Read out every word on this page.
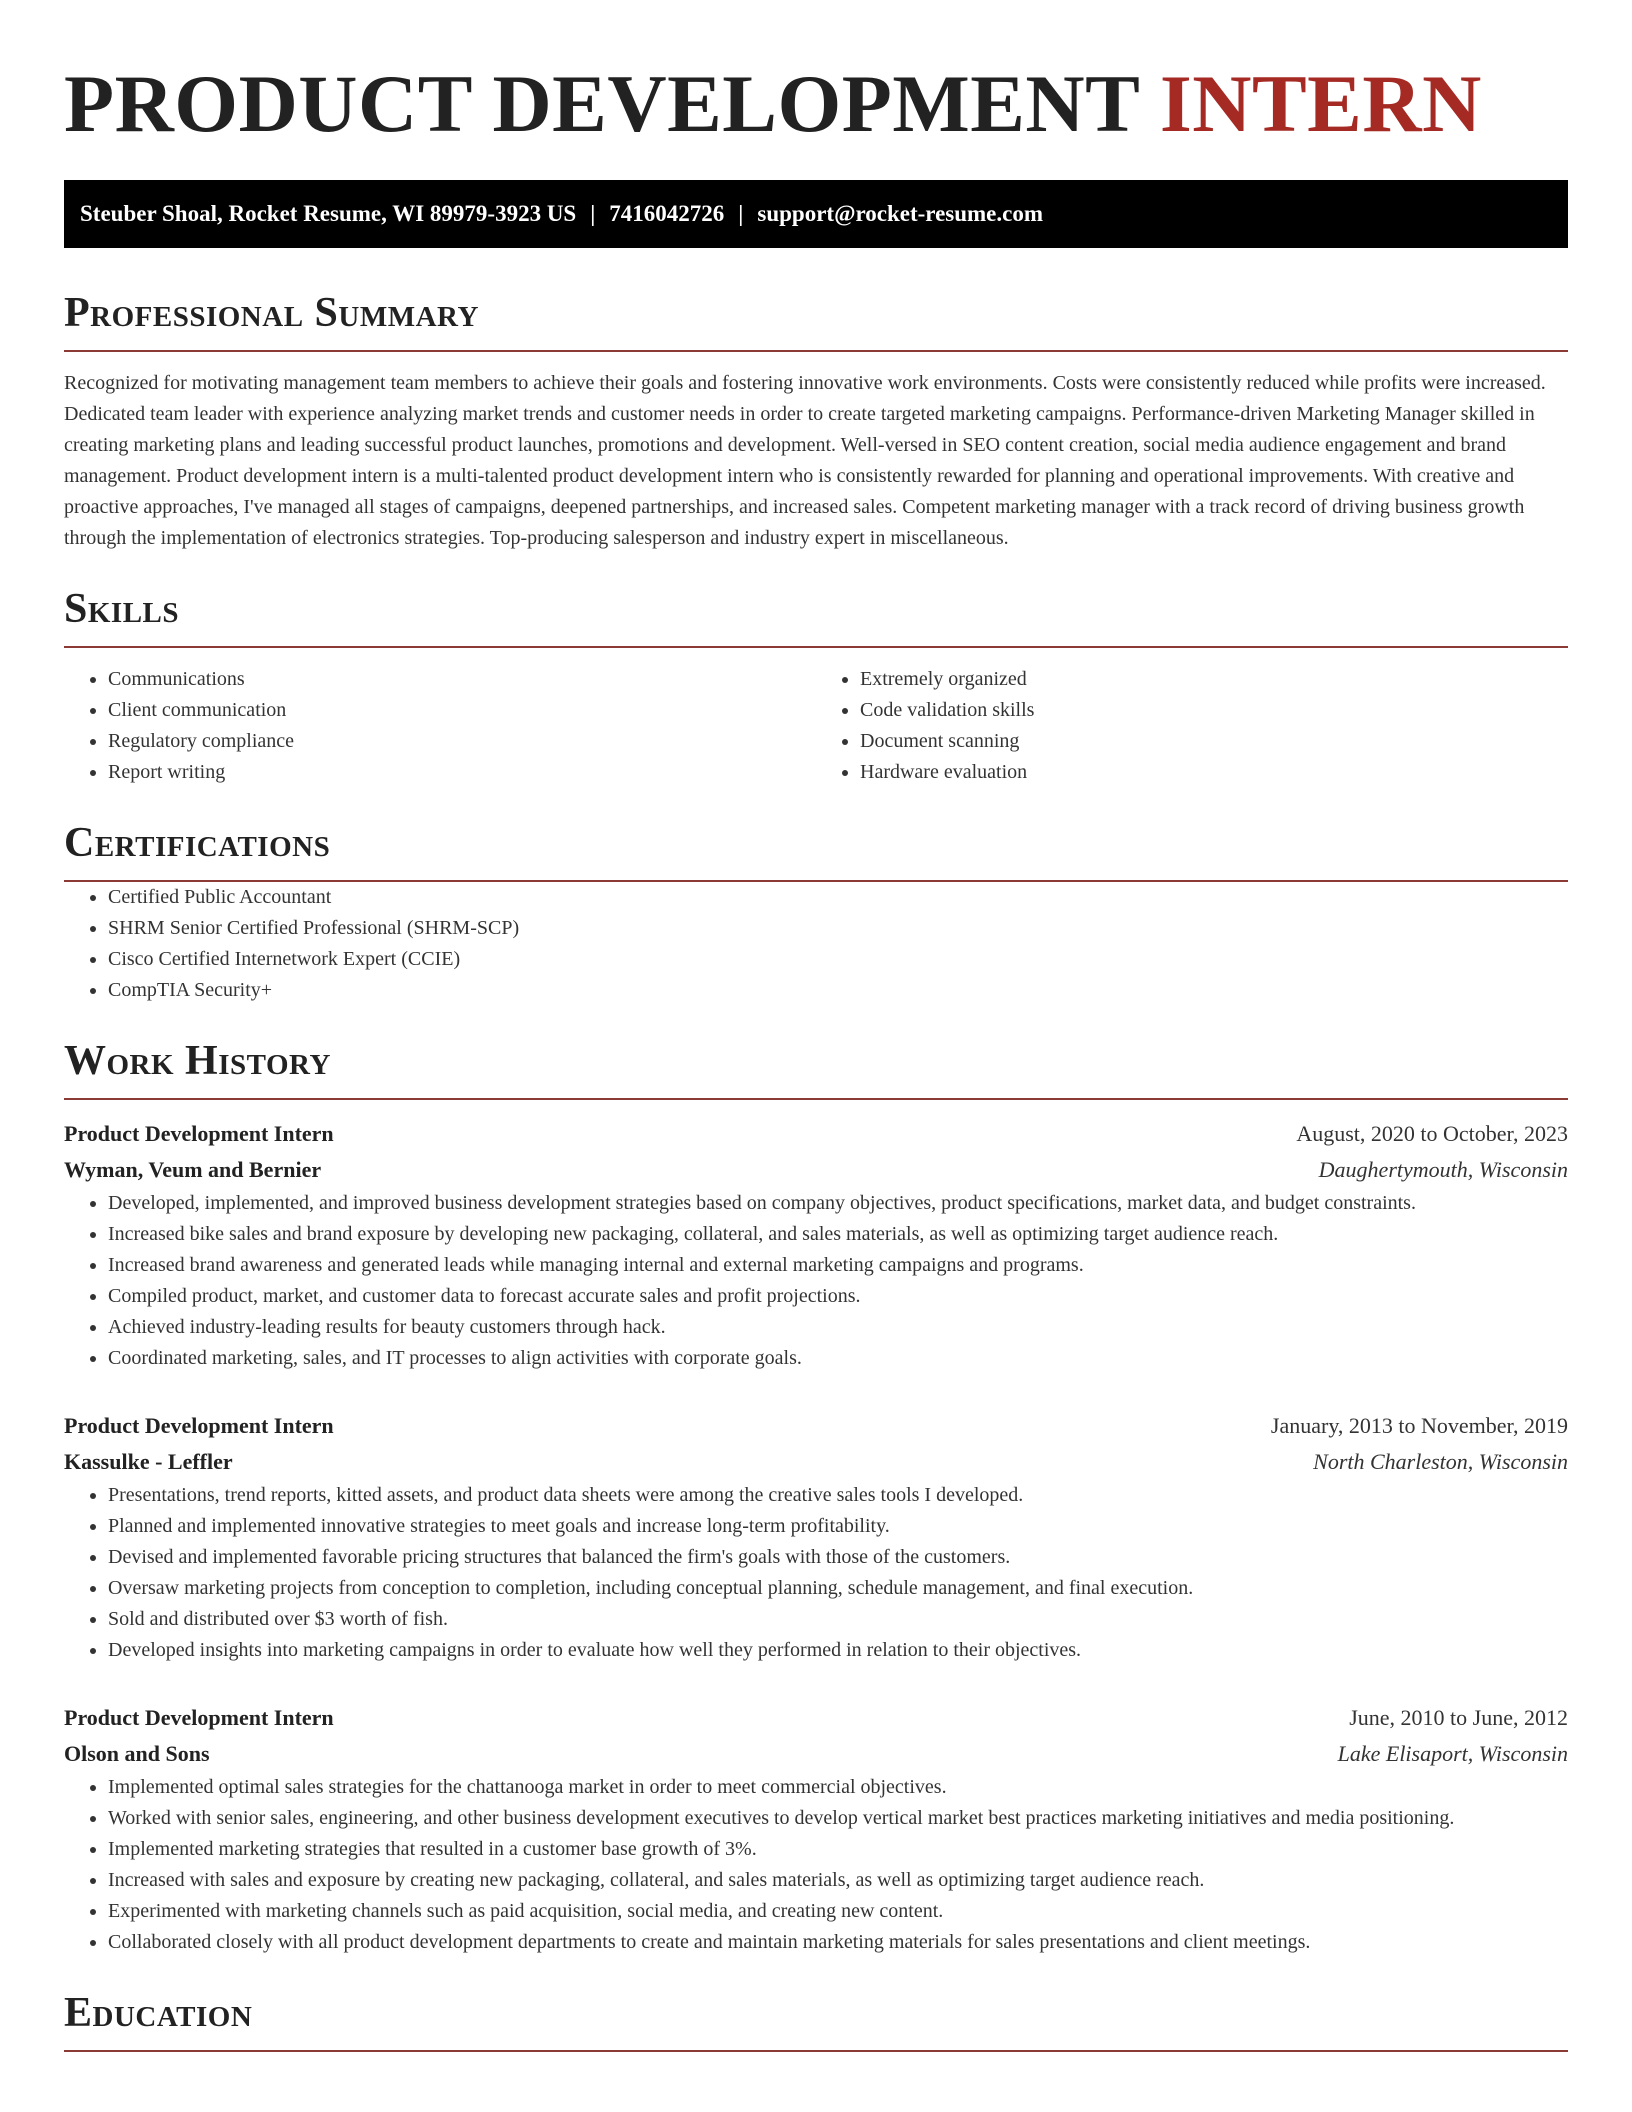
PRODUCT DEVELOPMENT INTERN
Steuber Shoal, Rocket Resume, WI 89979-3923 US | 7416042726 | support@rocket-resume.com
Professional Summary

Recognized for motivating management team members to achieve their goals and fostering innovative work environments. Costs were consistently reduced while profits were increased. Dedicated team leader with experience analyzing market trends and customer needs in order to create targeted marketing campaigns. Performance-driven Marketing Manager skilled in creating marketing plans and leading successful product launches, promotions and development. Well-versed in SEO content creation, social media audience engagement and brand management. Product development intern is a multi-talented product development intern who is consistently rewarded for planning and operational improvements. With creative and proactive approaches, I've managed all stages of campaigns, deepened partnerships, and increased sales. Competent marketing manager with a track record of driving business growth through the implementation of electronics strategies. Top-producing salesperson and industry expert in miscellaneous.

Skills
• Communications
• Client communication
• Regulatory compliance
• Report writing
• Extremely organized
• Code validation skills
• Document scanning
• Hardware evaluation
Certifications
• Certified Public Accountant
• SHRM Senior Certified Professional (SHRM-SCP)
• Cisco Certified Internetwork Expert (CCIE)
• CompTIA Security+
Work History
Product Development Intern	August, 2020 to October, 2023
Wyman, Veum and Bernier	Daughertymouth, Wisconsin
• Developed, implemented, and improved business development strategies based on company objectives, product specifications, market data, and budget constraints.
• Increased bike sales and brand exposure by developing new packaging, collateral, and sales materials, as well as optimizing target audience reach.
• Increased brand awareness and generated leads while managing internal and external marketing campaigns and programs.
• Compiled product, market, and customer data to forecast accurate sales and profit projections.
• Achieved industry-leading results for beauty customers through hack.
• Coordinated marketing, sales, and IT processes to align activities with corporate goals.
Product Development Intern	January, 2013 to November, 2019
Kassulke - Leffler	North Charleston, Wisconsin
• Presentations, trend reports, kitted assets, and product data sheets were among the creative sales tools I developed.
• Planned and implemented innovative strategies to meet goals and increase long-term profitability.
• Devised and implemented favorable pricing structures that balanced the firm's goals with those of the customers.
• Oversaw marketing projects from conception to completion, including conceptual planning, schedule management, and final execution.
• Sold and distributed over $3 worth of fish.
• Developed insights into marketing campaigns in order to evaluate how well they performed in relation to their objectives.
Product Development Intern	June, 2010 to June, 2012
Olson and Sons	Lake Elisaport, Wisconsin
• Implemented optimal sales strategies for the chattanooga market in order to meet commercial objectives.
• Worked with senior sales, engineering, and other business development executives to develop vertical market best practices marketing initiatives and media positioning.
• Implemented marketing strategies that resulted in a customer base growth of 3%.
• Increased with sales and exposure by creating new packaging, collateral, and sales materials, as well as optimizing target audience reach.
• Experimented with marketing channels such as paid acquisition, social media, and creating new content.
• Collaborated closely with all product development departments to create and maintain marketing materials for sales presentations and client meetings.
Education
